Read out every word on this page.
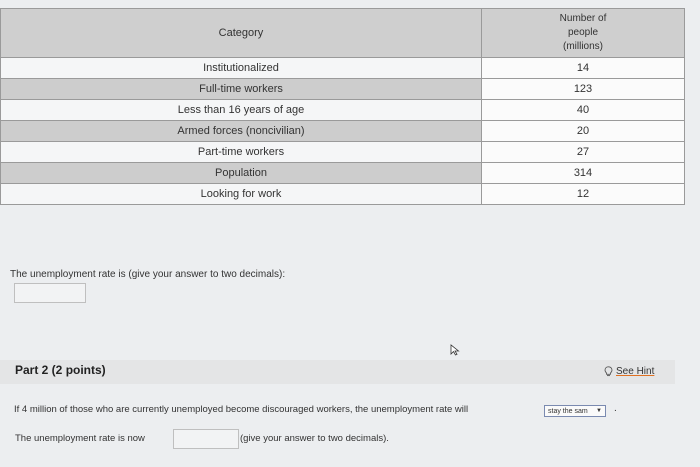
Category	Number of
people
(millions)

Institutionalized	14
Full-time workers	123
Less than 16 years of age	40
Armed forces (noncivilian)	20
Part-time workers	27
Population	314
Looking for work	12
The unemployment rate is (give your answer to two decimals):
Part 2 (2 points)	See Hint
If 4 million of those who are currently unemployed become discouraged workers, the unemployment rate will	stay the sam ▼ .
The unemployment rate is now	(give your answer to two decimals).
